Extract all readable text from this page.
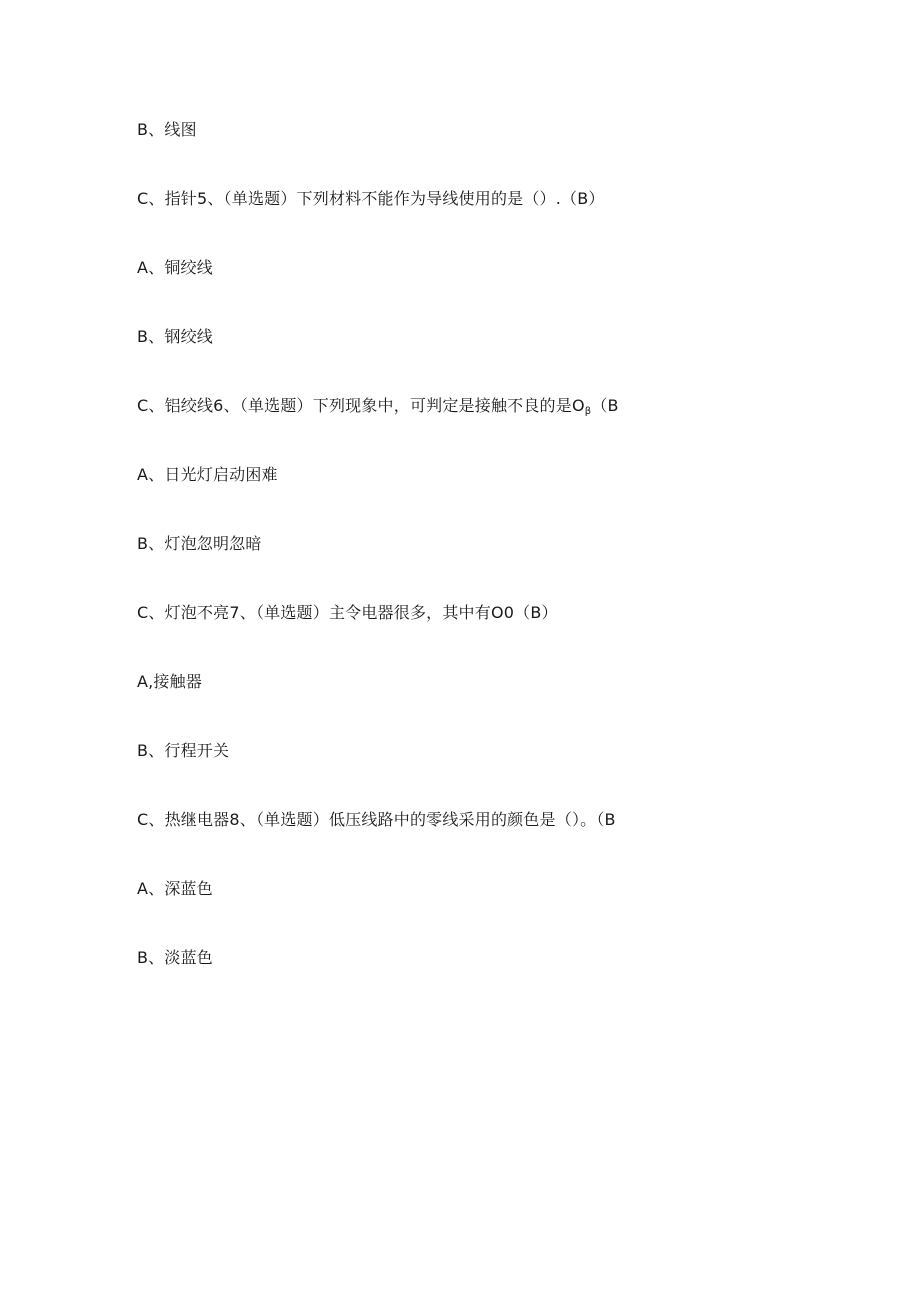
B、线图
C、指针5、（单选题）下列材料不能作为导线使用的是（）.（B）
A、铜绞线
B、钢绞线
C、铝绞线6、（单选题）下列现象中，可判定是接触不良的是$O_\beta(B$
A、日光灯启动困难
B、灯泡忽明忽暗
C、灯泡不亮7、（单选题）主令电器很多，其中有O0（B）
A,接触器
B、行程开关
C、热继电器8、（单选题）低压线路中的零线采用的颜色是（）。（B
A、深蓝色
B、淡蓝色
